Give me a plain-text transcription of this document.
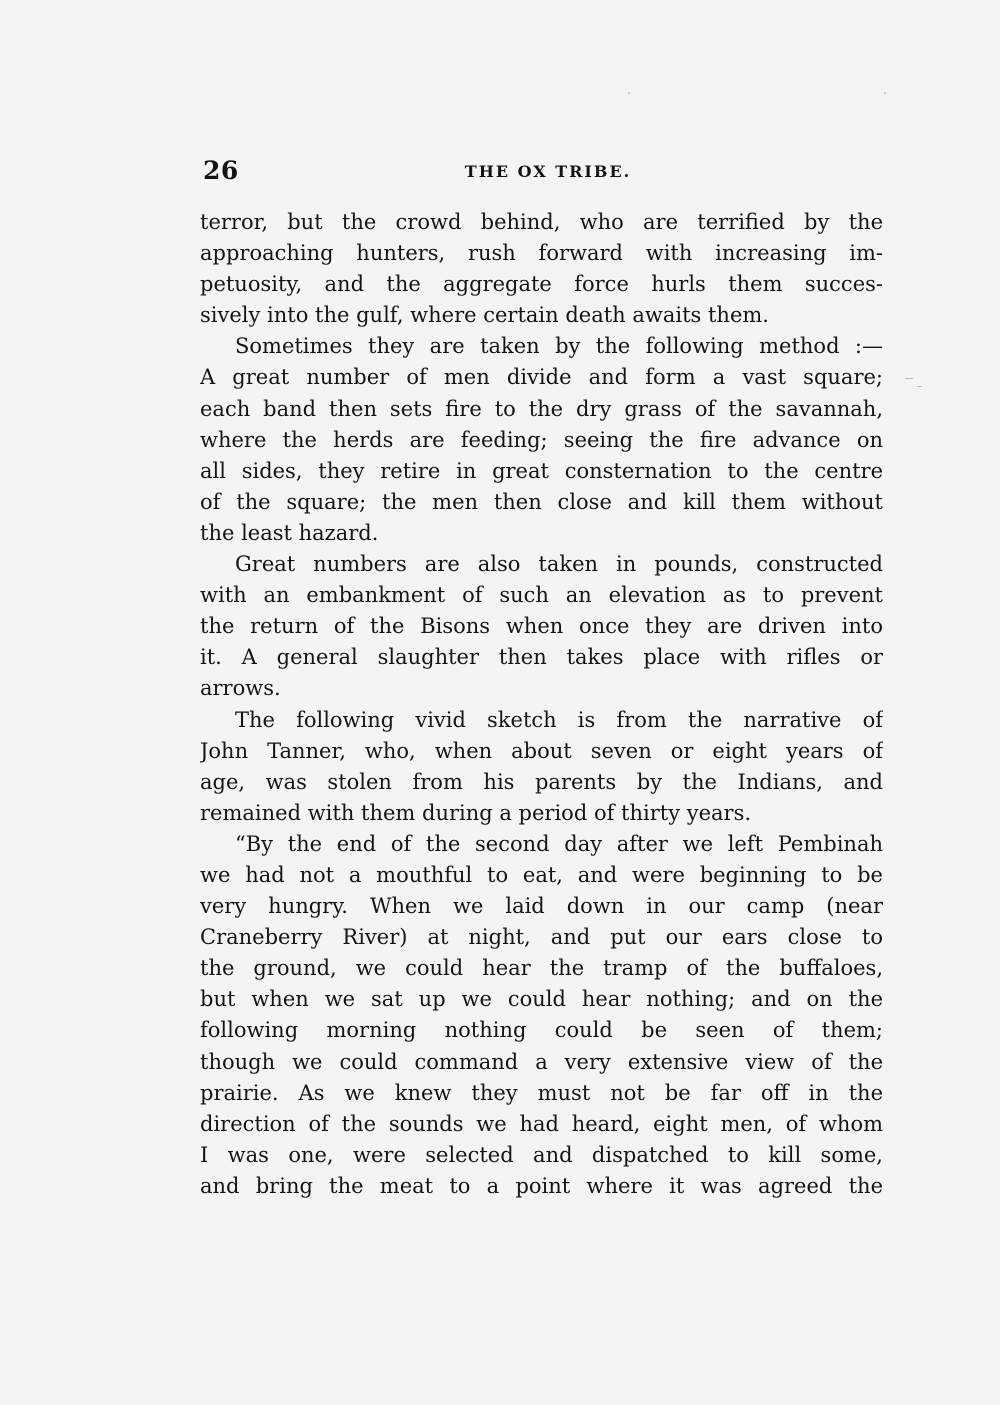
26	THE OX TRIBE.
terror, but the crowd behind, who are terrified by the
approaching hunters, rush forward with increasing im-
petuosity, and the aggregate force hurls them succes-
sively into the gulf, where certain death awaits them.
Sometimes they are taken by the following method :—
A great number of men divide and form a vast square;
each band then sets fire to the dry grass of the savannah,
where the herds are feeding; seeing the fire advance on
all sides, they retire in great consternation to the centre
of the square; the men then close and kill them without
the least hazard.
Great numbers are also taken in pounds, constructed
with an embankment of such an elevation as to prevent
the return of the Bisons when once they are driven into
it. A general slaughter then takes place with rifles or
arrows.
The following vivid sketch is from the narrative of
John Tanner, who, when about seven or eight years of
age, was stolen from his parents by the Indians, and
remained with them during a period of thirty years.
“By the end of the second day after we left Pembinah
we had not a mouthful to eat, and were beginning to be
very hungry. When we laid down in our camp (near
Craneberry River) at night, and put our ears close to
the ground, we could hear the tramp of the buffaloes,
but when we sat up we could hear nothing; and on the
following morning nothing could be seen of them;
though we could command a very extensive view of the
prairie. As we knew they must not be far off in the
direction of the sounds we had heard, eight men, of whom
I was one, were selected and dispatched to kill some,
and bring the meat to a point where it was agreed the
